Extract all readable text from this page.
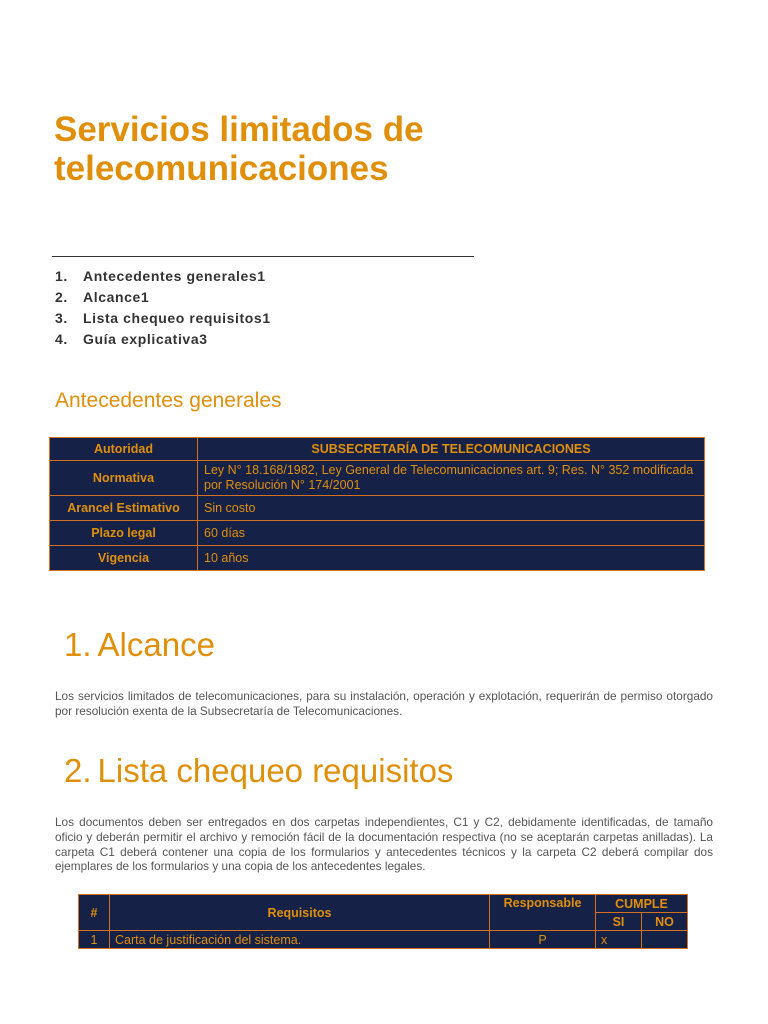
Servicios limitados de telecomunicaciones
1. Antecedentes generales1
2. Alcance1
3. Lista chequeo requisitos1
4. Guía explicativa3
Antecedentes generales
Autoridad	SUBSECRETARÍA DE TELECOMUNICACIONES
Normativa	Ley N° 18.168/1982, Ley General de Telecomunicaciones art. 9; Res. N° 352 modificada por Resolución N° 174/2001
Arancel Estimativo	Sin costo
Plazo legal	60 días
Vigencia	10 años
1. Alcance

Los servicios limitados de telecomunicaciones, para su instalación, operación y explotación, requerirán de permiso otorgado por resolución exenta de la Subsecretaría de Telecomunicaciones.

2. Lista chequeo requisitos

Los documentos deben ser entregados en dos carpetas independientes, C1 y C2, debidamente identificadas, de tamaño oficio y deberán permitir el archivo y remoción fácil de la documentación respectiva (no se aceptarán carpetas anilladas). La carpeta C1 deberá contener una copia de los formularios y antecedentes técnicos y la carpeta C2 deberá compilar dos ejemplares de los formularios y una copia de los antecedentes legales.

#	Requisitos	Responsable	CUMPLE	
			SI	NO
1	Carta de justificación del sistema.	P	x	
